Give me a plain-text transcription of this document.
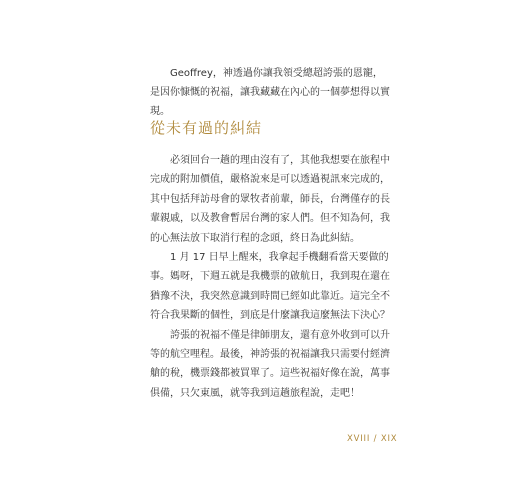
Geoffrey，神透過你讓我領受總超誇張的恩寵，是因你慷慨的祝福，讓我藏藏在內心的一個夢想得以實現。

從未有過的糾結

必須回台一趟的理由沒有了，其他我想要在旅程中完成的附加價值，嚴格說來是可以透過視訊來完成的，其中包括拜訪母會的眾牧者前輩，師長，台灣僅存的長輩親戚，以及教會暫居台灣的家人們。但不知為何，我的心無法放下取消行程的念頭，終日為此糾結。

1 月 17 日早上醒來，我拿起手機翻看當天要做的事。媽呀，下週五就是我機票的啟航日，我到現在還在猶豫不決，我突然意識到時間已經如此靠近。這完全不符合我果斷的個性，到底是什麼讓我這麼無法下決心？

誇張的祝福不僅是律師朋友，還有意外收到可以升等的航空哩程。最後，神誇張的祝福讓我只需要付經濟艙的稅，機票錢都被買單了。這些祝福好像在說，萬事俱備，只欠東風，就等我到這趟旅程說，走吧！

XVIII / XIX
